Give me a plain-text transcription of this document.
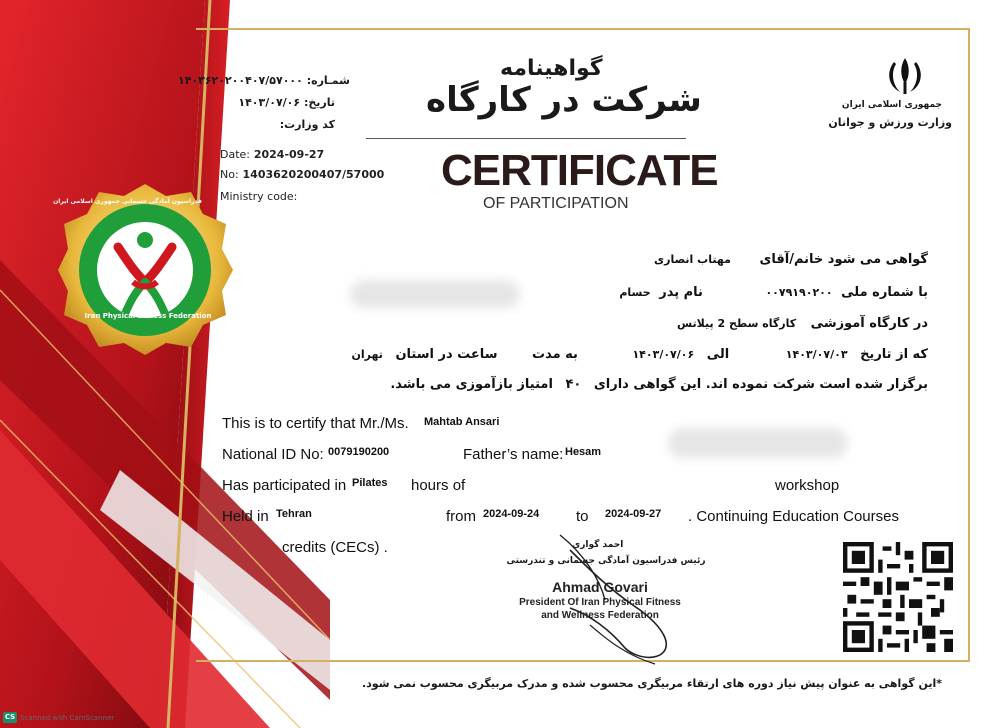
فدراسیون آمادگی جسمانی جمهوری اسلامی ایران
Iran Physical Fitness Federation
شمـاره: ۱۴۰۳۶۲۰۲۰۰۴۰۷/۵۷۰۰۰
تاریخ: ۱۴۰۳/۰۷/۰۶
کد وزارت:
Date: 2024-09-27
No: 1403620200407/57000
Ministry code:
گواهینامه
شرکت در کارگاه
CERTIFICATE
OF PARTICIPATION
جمهوری اسلامی ایران
وزارت ورزش و جوانان
گواهی می شود خانم/آقای مهتاب انصاری
با شماره ملی ۰۰۷۹۱۹۰۲۰۰ نام پدر حسام
در کارگاه آموزشی کارگاه سطح 2 پیلاتس
که از تاریخ ۱۴۰۳/۰۷/۰۳ الی ۱۴۰۳/۰۷/۰۶ به مدت ساعت در استان تهران
برگزار شده است شرکت نموده اند. این گواهی دارای ۴۰ امتیاز بازآموزی می باشد.
This is to certify that Mr./Ms. Mahtab Ansari
National ID No: 0079190200	Father’s name: Hesam
Has participated in Pilates hours of	workshop
Held in Tehran	from 2024-09-24 to 2024-09-27 . Continuing Education Courses
credits (CECs) .	احمد گواری
رئیس فدراسیون آمادگی جسمانی و تندرستی
Ahmad Govari
President Of Iran Physical Fitness
and Wellness Federation
*این گواهی به عنوان پیش نیاز دوره های ارتقاء مربیگری محسوب شده و مدرک مربیگری محسوب نمی شود.
CS Scanned with CamScanner
